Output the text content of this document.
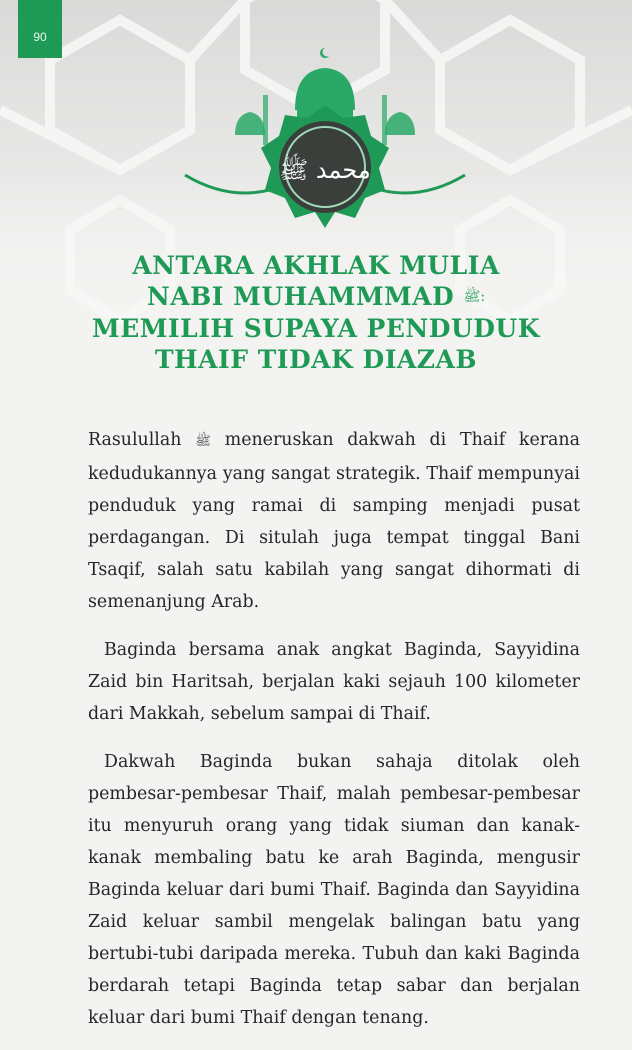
90
محمد ﷺ
ANTARA AKHLAK MULIA
NABI MUHAMMMAD ﷺ:
MEMILIH SUPAYA PENDUDUK
THAIF TIDAK DIAZAB

Rasulullah ﷺ meneruskan dakwah di Thaif kerana kedudukannya yang sangat strategik. Thaif mempunyai penduduk yang ramai di samping menjadi pusat perdagangan. Di situlah juga tempat tinggal Bani Tsaqif, salah satu kabilah yang sangat dihormati di semenanjung Arab.

Baginda bersama anak angkat Baginda, Sayyidina Zaid bin Haritsah, berjalan kaki sejauh 100 kilometer dari Makkah, sebelum sampai di Thaif.

Dakwah Baginda bukan sahaja ditolak oleh pembesar-pembesar Thaif, malah pembesar-pembesar itu menyuruh orang yang tidak siuman dan kanak-kanak membaling batu ke arah Baginda, mengusir Baginda keluar dari bumi Thaif. Baginda dan Sayyidina Zaid keluar sambil mengelak balingan batu yang bertubi-tubi daripada mereka. Tubuh dan kaki Baginda berdarah tetapi Baginda tetap sabar dan berjalan keluar dari bumi Thaif dengan tenang.
